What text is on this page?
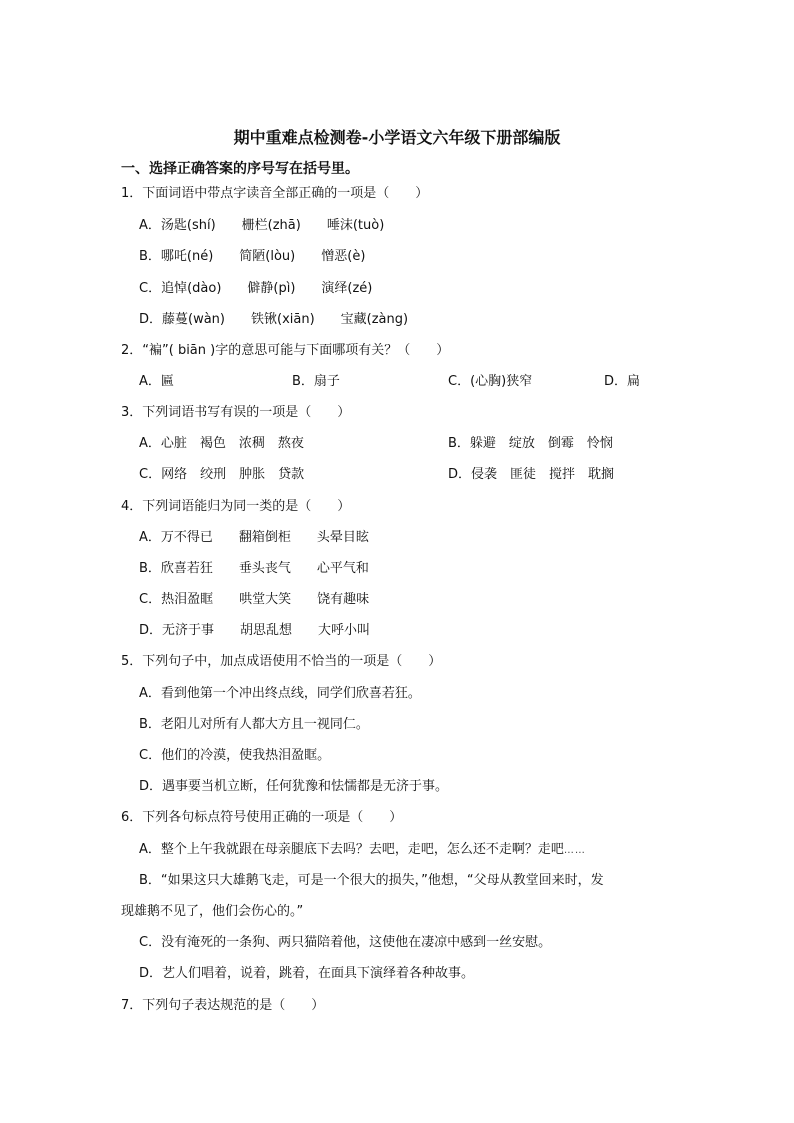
期中重难点检测卷-小学语文六年级下册部编版
一、选择正确答案的序号写在括号里。
1．下面词语中带点字读音全部正确的一项是（　　）
A．汤匙(shí)　　栅栏(zhā)　　唾沫(tuò)
B．哪吒(né)　　简陋(lòu)　　憎恶(è)
C．追悼(dào)　　僻静(pì)　　演绎(zé)
D．藤蔓(wàn)　　铁锹(xiān)　　宝藏(zàng)
2．“褊”( biān )字的意思可能与下面哪项有关？（　　）
A．匾	B．扇子	C．(心胸)狭窄	D．扁
3．下列词语书写有误的一项是（　　）
A．心脏　褐色　浓稠　熬夜	B．躲避　绽放　倒霉　怜悯
C．网络　绞刑　肿胀　贷款	D．侵袭　匪徒　搅拌　耽搁
4．下列词语能归为同一类的是（　　）
A．万不得已　　翻箱倒柜　　头晕目眩
B．欣喜若狂　　垂头丧气　　心平气和
C．热泪盈眶　　哄堂大笑　　饶有趣味
D．无济于事　　胡思乱想　　大呼小叫
5．下列句子中，加点成语使用不恰当的一项是（　　）
A．看到他第一个冲出终点线，同学们欣喜若狂。
B．老阳儿对所有人都大方且一视同仁。
C．他们的冷漠，使我热泪盈眶。
D．遇事要当机立断，任何犹豫和怯懦都是无济于事。
6．下列各句标点符号使用正确的一项是（　　）
A．整个上午我就跟在母亲腿底下去吗？去吧，走吧，怎么还不走啊？走吧……
B．“如果这只大雄鹅飞走，可是一个很大的损失，”他想，“父母从教堂回来时，发
现雄鹅不见了，他们会伤心的。”
C．没有淹死的一条狗、两只猫陪着他，这使他在凄凉中感到一丝安慰。
D．艺人们唱着，说着，跳着，在面具下演绎着各种故事。
7．下列句子表达规范的是（　　）
